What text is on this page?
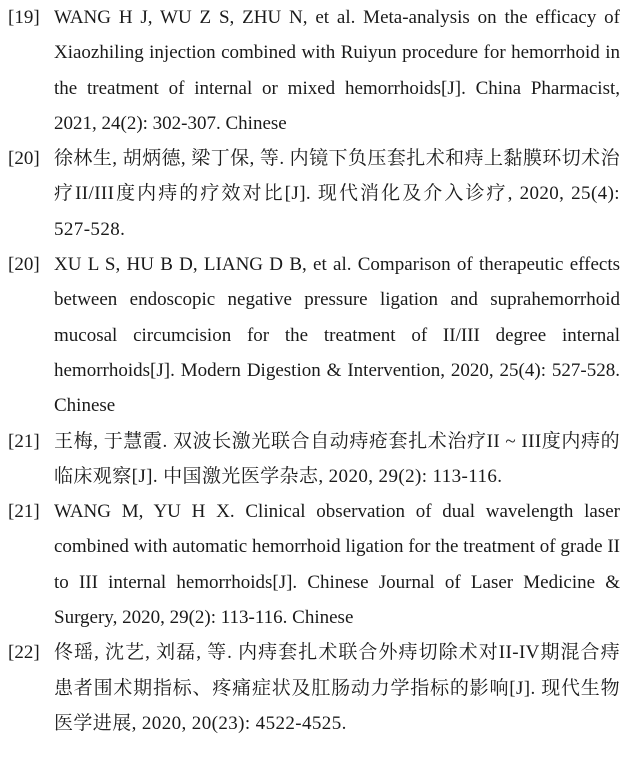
[19] WANG H J, WU Z S, ZHU N, et al. Meta-analysis on the efficacy of Xiaozhiling injection combined with Ruiyun procedure for hemorrhoid in the treatment of internal or mixed hemorrhoids[J]. China Pharmacist, 2021, 24(2): 302-307. Chinese

[20] 徐林生, 胡炳德, 梁丁保, 等. 内镜下负压套扎术和痔上黏膜环切术治疗II/III度内痔的疗效对比[J]. 现代消化及介入诊疗, 2020, 25(4): 527-528.

[20] XU L S, HU B D, LIANG D B, et al. Comparison of therapeutic effects between endoscopic negative pressure ligation and suprahemorrhoid mucosal circumcision for the treatment of II/III degree internal hemorrhoids[J]. Modern Digestion & Intervention, 2020, 25(4): 527-528. Chinese

[21] 王梅, 于慧霞. 双波长激光联合自动痔疮套扎术治疗II ~ III度内痔的临床观察[J]. 中国激光医学杂志, 2020, 29(2): 113-116.

[21] WANG M, YU H X. Clinical observation of dual wavelength laser combined with automatic hemorrhoid ligation for the treatment of grade II to III internal hemorrhoids[J]. Chinese Journal of Laser Medicine & Surgery, 2020, 29(2): 113-116. Chinese

[22] 佟瑶, 沈艺, 刘磊, 等. 内痔套扎术联合外痔切除术对II-IV期混合痔患者围术期指标、疼痛症状及肛肠动力学指标的影响[J]. 现代生物医学进展, 2020, 20(23): 4522-4525.
